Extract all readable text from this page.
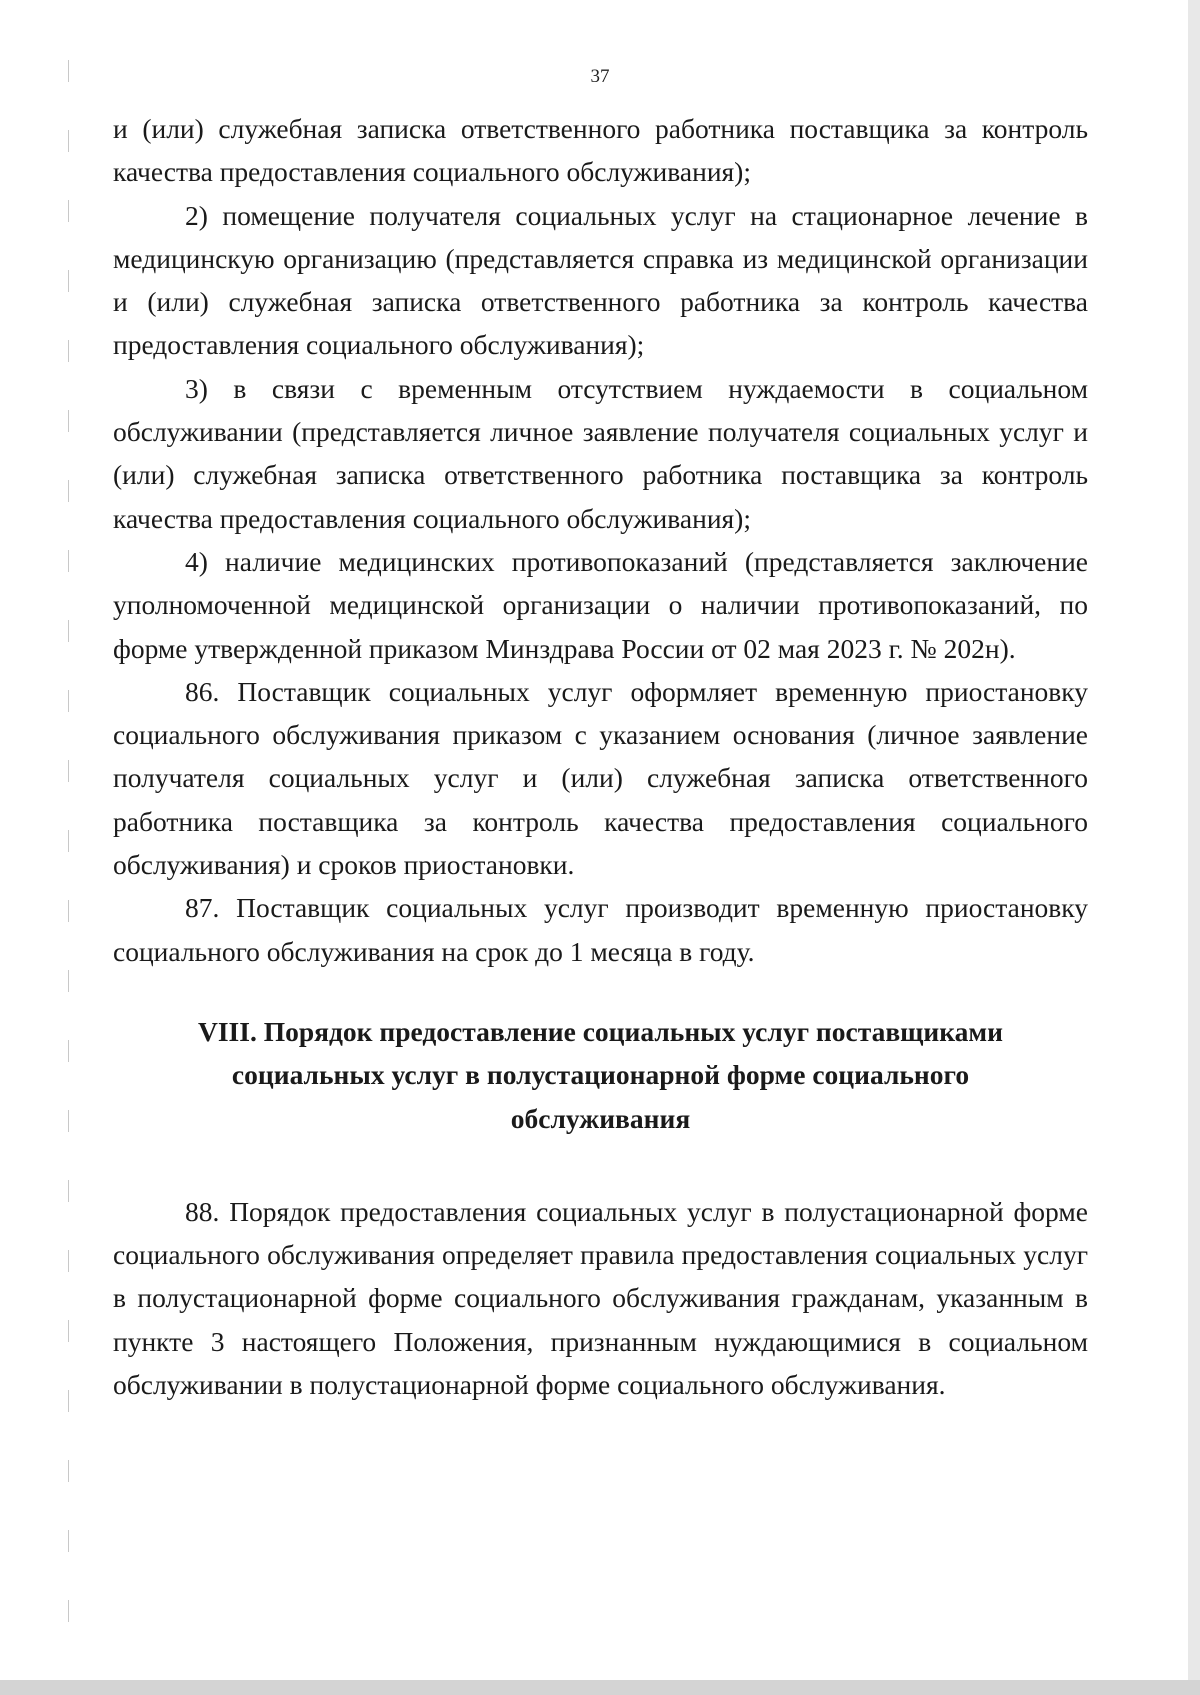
37

и (или) служебная записка ответственного работника поставщика за контроль качества предоставления социального обслуживания);

2) помещение получателя социальных услуг на стационарное лечение в медицинскую организацию (представляется справка из медицинской организации и (или) служебная записка ответственного работника за контроль качества предоставления социального обслуживания);

3) в связи с временным отсутствием нуждаемости в социальном обслуживании (представляется личное заявление получателя социальных услуг и (или) служебная записка ответственного работника поставщика за контроль качества предоставления социального обслуживания);

4) наличие медицинских противопоказаний (представляется заключение уполномоченной медицинской организации о наличии противопоказаний, по форме утвержденной приказом Минздрава России от 02 мая 2023 г. № 202н).

86. Поставщик социальных услуг оформляет временную приостановку социального обслуживания приказом с указанием основания (личное заявление получателя социальных услуг и (или) служебная записка ответственного работника поставщика за контроль качества предоставления социального обслуживания) и сроков приостановки.

87. Поставщик социальных услуг производит временную приостановку социального обслуживания на срок до 1 месяца в году.

VIII. Порядок предоставление социальных услуг поставщиками социальных услуг в полустационарной форме социального обслуживания

88. Порядок предоставления социальных услуг в полустационарной форме социального обслуживания определяет правила предоставления социальных услуг в полустационарной форме социального обслуживания гражданам, указанным в пункте 3 настоящего Положения, признанным нуждающимися в социальном обслуживании в полустационарной форме социального обслуживания.
